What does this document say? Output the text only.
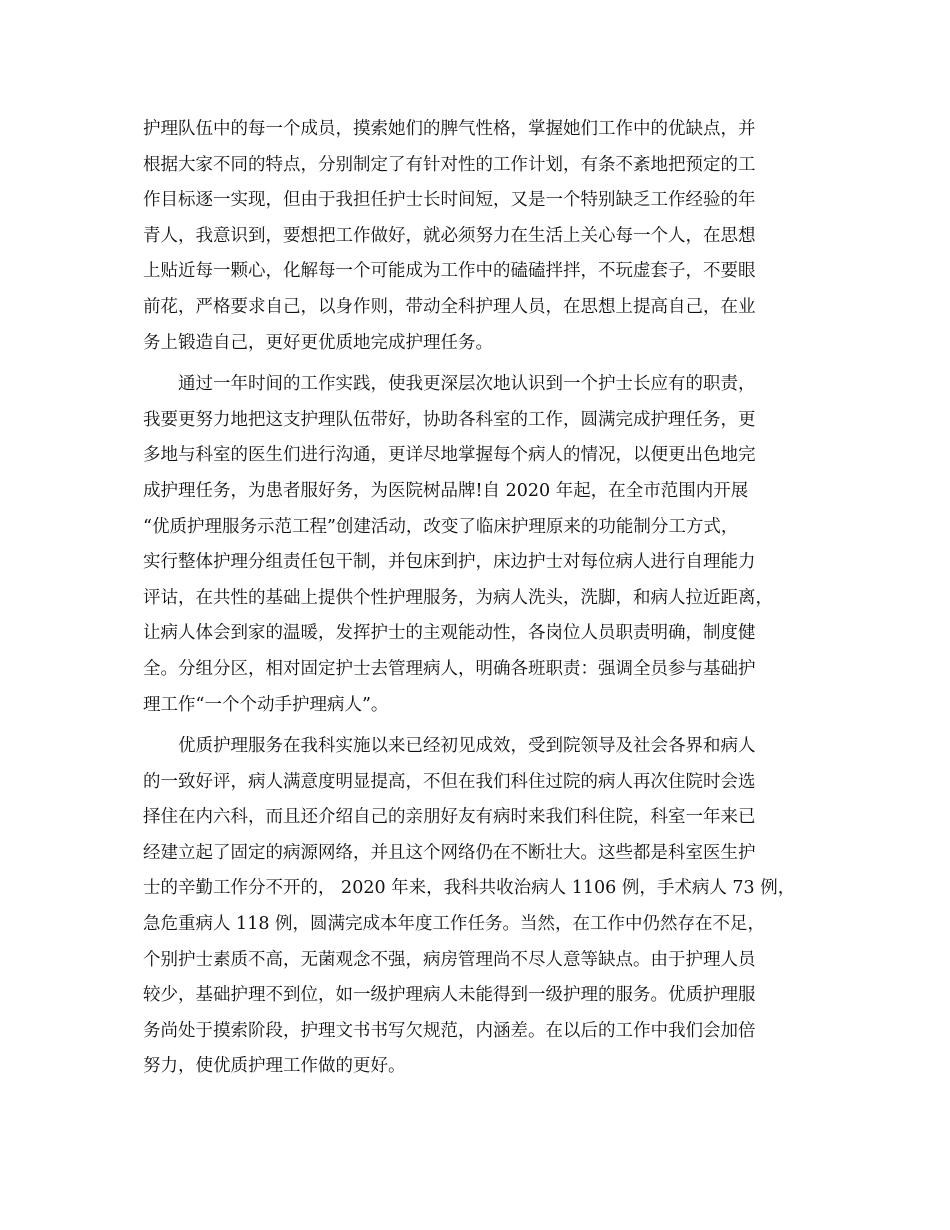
护理队伍中的每一个成员，摸索她们的脾气性格，掌握她们工作中的优缺点，并
根据大家不同的特点，分别制定了有针对性的工作计划，有条不紊地把预定的工
作目标逐一实现，但由于我担任护士长时间短，又是一个特别缺乏工作经验的年
青人，我意识到，要想把工作做好，就必须努力在生活上关心每一个人，在思想
上贴近每一颗心，化解每一个可能成为工作中的磕磕拌拌，不玩虚套子，不要眼
前花，严格要求自己，以身作则，带动全科护理人员，在思想上提高自己，在业
务上锻造自己，更好更优质地完成护理任务。
通过一年时间的工作实践，使我更深层次地认识到一个护士长应有的职责，
我要更努力地把这支护理队伍带好，协助各科室的工作，圆满完成护理任务，更
多地与科室的医生们进行沟通，更详尽地掌握每个病人的情况，以便更出色地完
成护理任务，为患者服好务，为医院树品牌!自 2020 年起，在全市范围内开展
“优质护理服务示范工程”创建活动，改变了临床护理原来的功能制分工方式，
实行整体护理分组责任包干制，并包床到护，床边护士对每位病人进行自理能力
评诂，在共性的基础上提供个性护理服务，为病人洗头，洗脚，和病人拉近距离，
让病人体会到家的温暖，发挥护士的主观能动性，各岗位人员职责明确，制度健
全。分组分区，相对固定护士去管理病人，明确各班职责：强调全员参与基础护
理工作“一个个动手护理病人”。
优质护理服务在我科实施以来已经初见成效，受到院领导及社会各界和病人
的一致好评，病人满意度明显提高，不但在我们科住过院的病人再次住院时会选
择住在内六科，而且还介绍自己的亲朋好友有病时来我们科住院，科室一年来已
经建立起了固定的病源网络，并且这个网络仍在不断壮大。这些都是科室医生护
士的辛勤工作分不开的， 2020 年来，我科共收治病人 1106 例，手术病人 73 例，
急危重病人 118 例，圆满完成本年度工作任务。当然，在工作中仍然存在不足，
个别护士素质不高，无菌观念不强，病房管理尚不尽人意等缺点。由于护理人员
较少，基础护理不到位，如一级护理病人未能得到一级护理的服务。优质护理服
务尚处于摸索阶段，护理文书书写欠规范，内涵差。在以后的工作中我们会加倍
努力，使优质护理工作做的更好。
